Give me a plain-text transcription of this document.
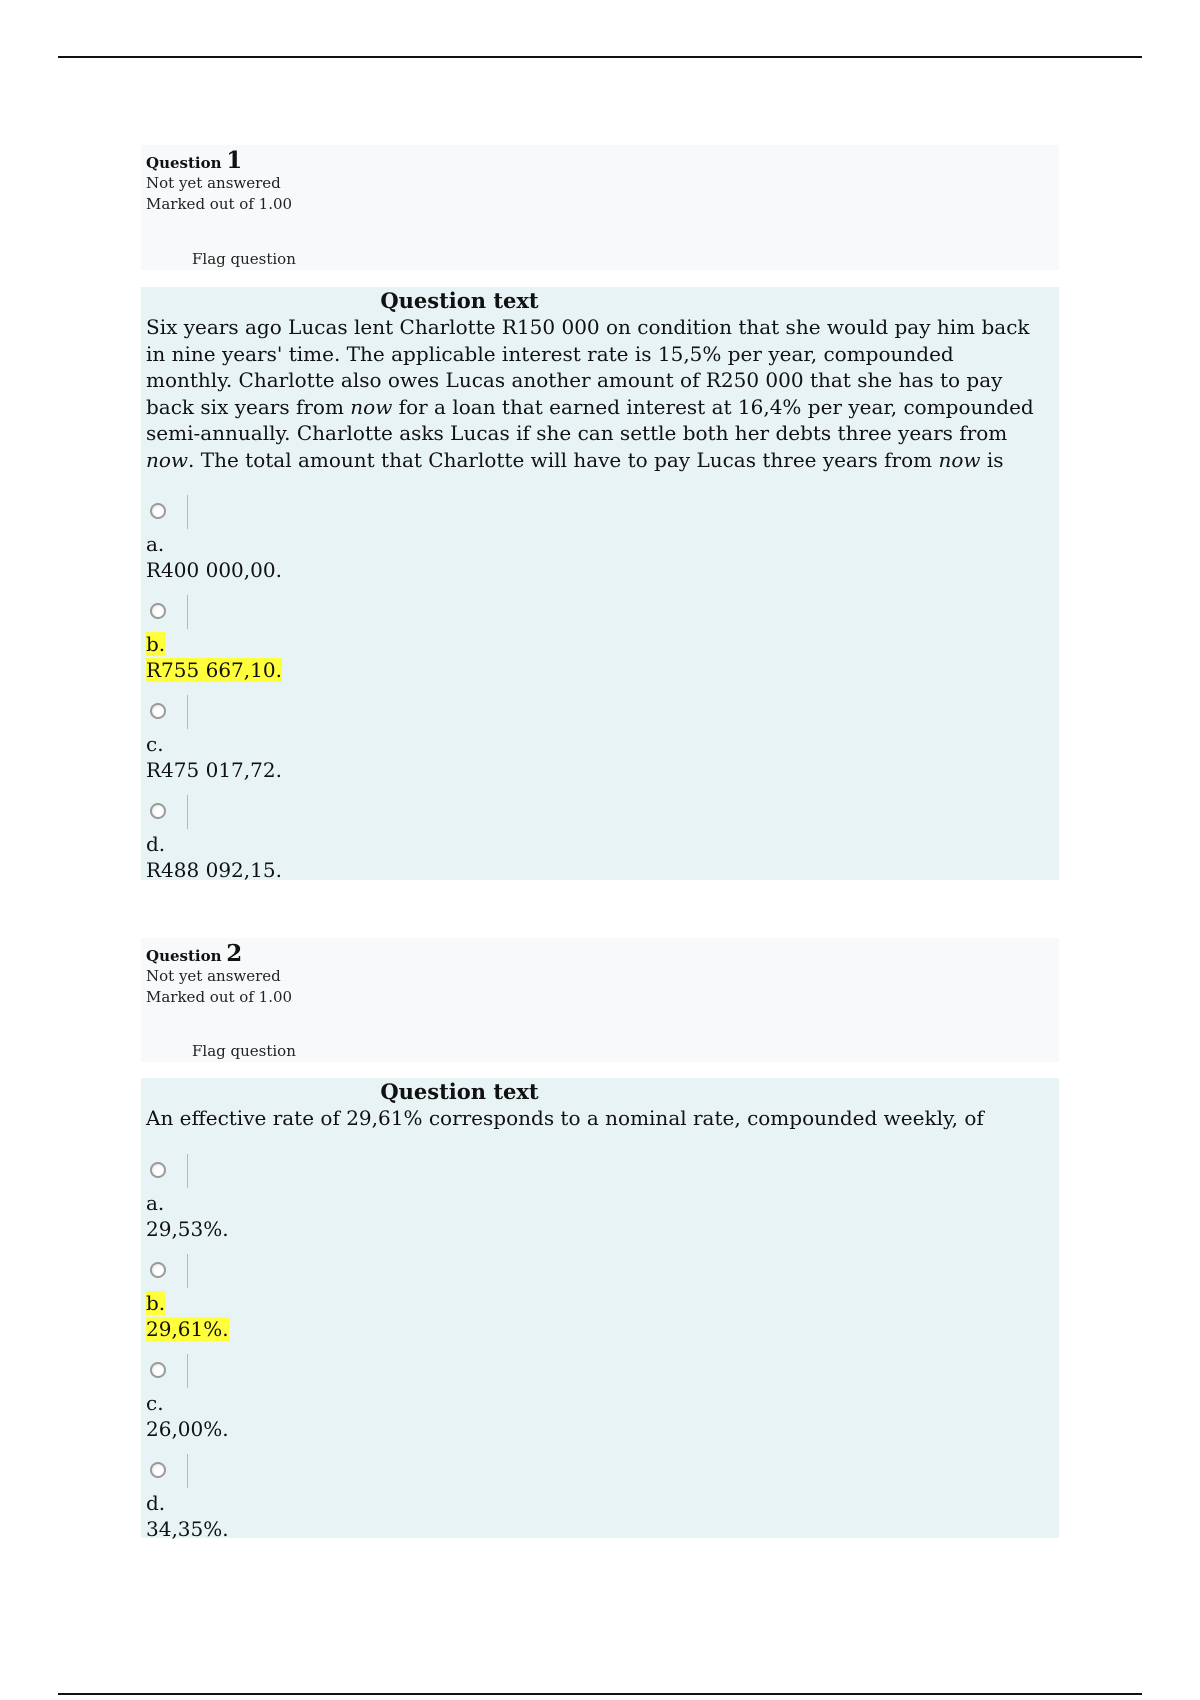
Question 1
Not yet answered
Marked out of 1.00
Flag question
Question text
Six years ago Lucas lent Charlotte R150 000 on condition that she would pay him back in nine years' time. The applicable interest rate is 15,5% per year, compounded monthly. Charlotte also owes Lucas another amount of R250 000 that she has to pay back six years from now for a loan that earned interest at 16,4% per year, compounded semi-annually. Charlotte asks Lucas if she can settle both her debts three years from now. The total amount that Charlotte will have to pay Lucas three years from now is
a.
R400 000,00.
b.
R755 667,10.
c.
R475 017,72.
d.
R488 092,15.
Question 2
Not yet answered
Marked out of 1.00
Flag question
Question text
An effective rate of 29,61% corresponds to a nominal rate, compounded weekly, of
a.
29,53%.
b.
29,61%.
c.
26,00%.
d.
34,35%.
